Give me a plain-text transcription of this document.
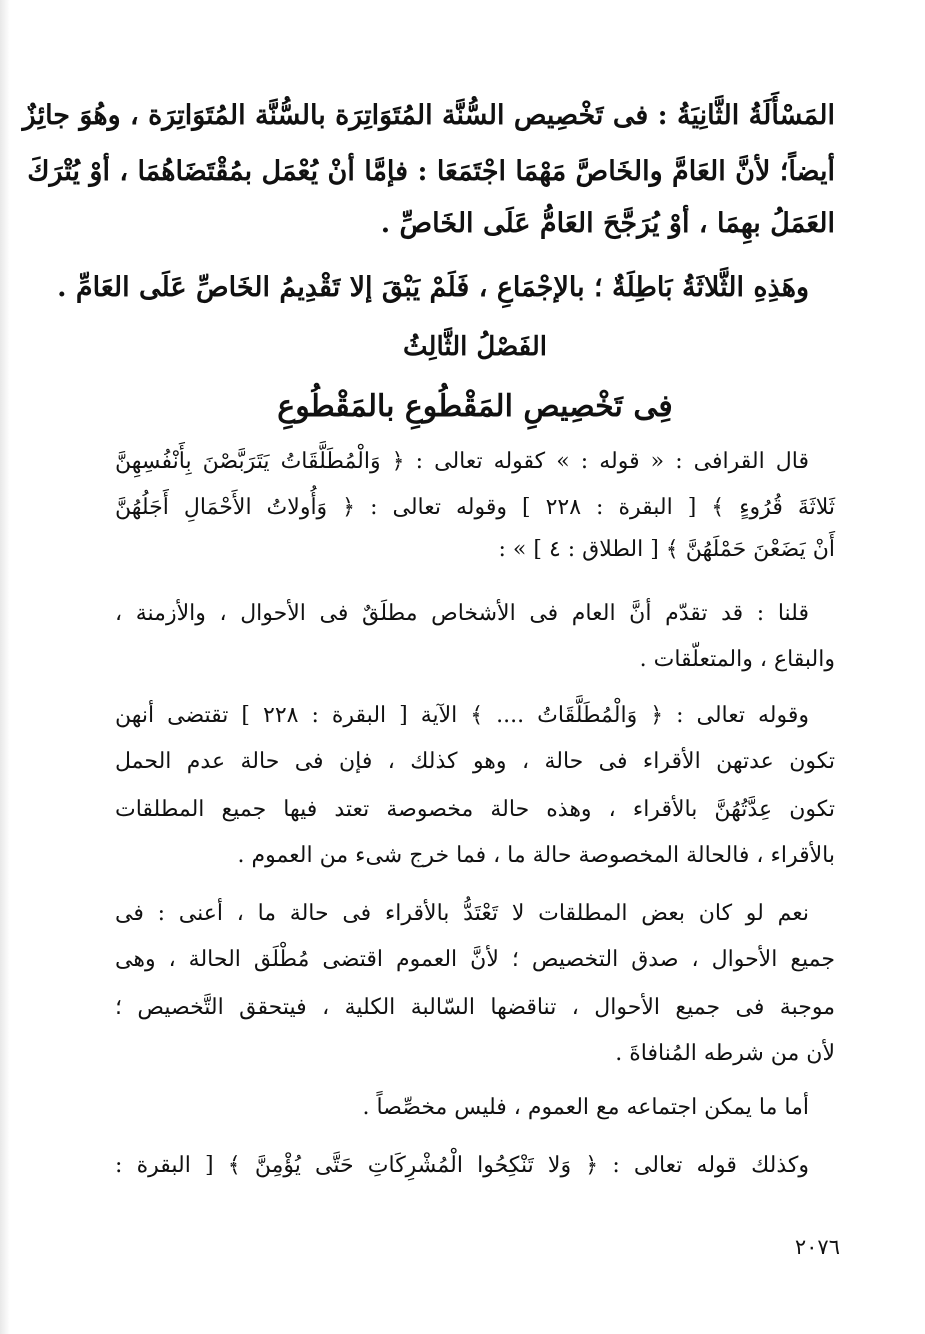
المَسْأَلَةُ الثَّانِيَةُ : فى تَخْصِيص السُّنَّة المُتَوَاتِرَة بالسُّنَّة المُتَوَاتِرَة ، وهُوَ جائِزٌ
أيضاً؛ لأنَّ العَامَّ والخَاصَّ مَهْمَا اجْتَمَعَا : فإمَّا أنْ يُعْمَل بمُقْتَضَاهُمَا ، أوْ يُتْرَكَ
العَمَلُ بهِمَا ، أوْ يُرَجَّحَ العَامُّ عَلَى الخَاصِّ .
وهَذِهِ الثَّلاثَةُ بَاطِلَةٌ ؛ بالإجْمَاعِ ، فَلَمْ يَبْقَ إلا تَقْدِيمُ الخَاصِّ عَلَى العَامِّ .
الفَصْلُ الثَّالِثُ
فِى تَخْصِيصِ المَقْطُوعِ بالمَقْطُوعِ
قال القرافى : « قوله : » كقوله تعالى : ﴿ وَالْمُطَلَّقَاتُ يَتَرَبَّصْنَ بِأَنْفُسِهِنَّ
ثَلاثَةَ قُرُوءٍ ﴾ [ البقرة : ٢٢٨ ] وقوله تعالى : ﴿ وَأُولاتُ الأَحْمَالِ أَجَلُهُنَّ
أَنْ يَضَعْنَ حَمْلَهُنَّ ﴾ [ الطلاق : ٤ ] » :
قلنا : قد تقدّم أنَّ العام فى الأشخاص مطلَقٌ فى الأحوال ، والأزمنة ،
والبقاع ، والمتعلّقات .
وقوله تعالى : ﴿ وَالْمُطَلَّقَاتُ .... ﴾ الآية [ البقرة : ٢٢٨ ] تقتضى أنهن
تكون عدتهن الأقراء فى حالة ، وهو كذلك ، فإن فى حالة عدم الحمل
تكون عِدَّتُهُنَّ بالأقراء ، وهذه حالة مخصوصة تعتد فيها جميع المطلقات
بالأقراء ، فالحالة المخصوصة حالة ما ، فما خرج شىء من العموم .
نعم لو كان بعض المطلقات لا تَعْتَدُّ بالأقراء فى حالة ما ، أعنى : فى
جميع الأحوال ، صدق التخصيص ؛ لأنَّ العموم اقتضى مُطْلَق الحالة ، وهى
موجبة فى جميع الأحوال ، تناقضها السّالبة الكلية ، فيتحقق التَّخصيص ؛
لأن من شرطه المُنافاةَ .
أما ما يمكن اجتماعه مع العموم ، فليس مخصِّصاً .
وكذلك قوله تعالى : ﴿ وَلا تَنْكِحُوا الْمُشْرِكَاتِ حَتَّى يُؤْمِنَّ ﴾ [ البقرة :
٢٠٧٦
